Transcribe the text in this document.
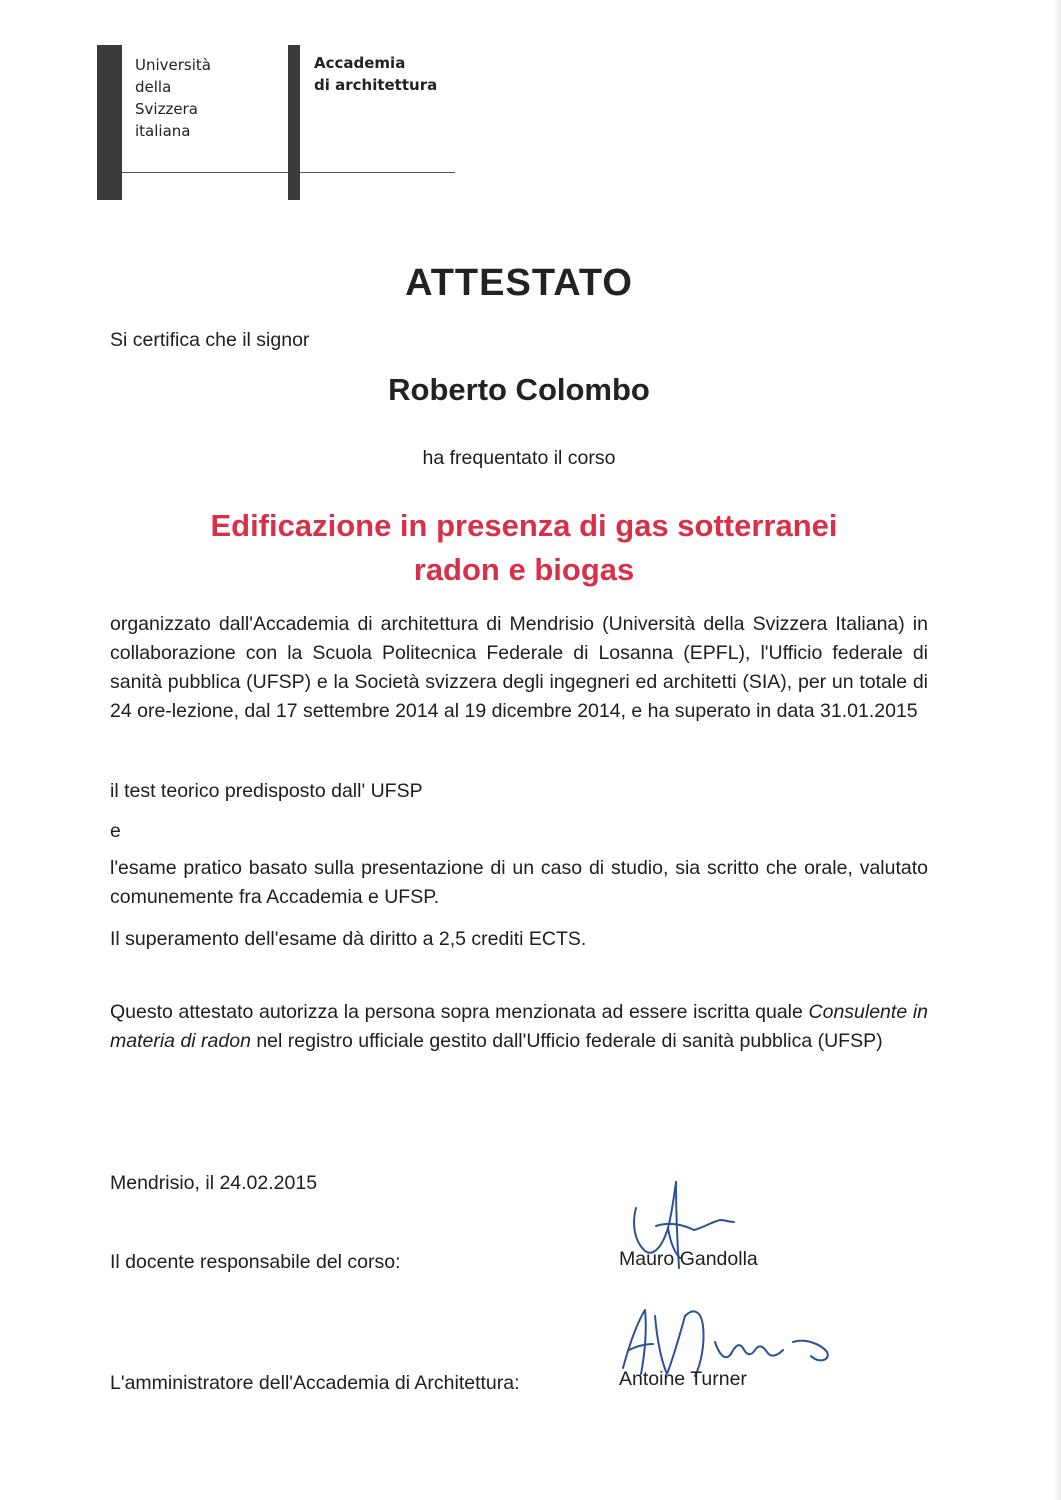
Università
della
Svizzera
italiana
Accademia
di architettura
ATTESTATO
Si certifica che il signor
Roberto Colombo
ha frequentato il corso
Edificazione in presenza di gas sotterranei
radon e biogas
organizzato dall'Accademia di architettura di Mendrisio (Università della Svizzera Italiana) in collaborazione con la Scuola Politecnica Federale di Losanna (EPFL), l'Ufficio federale di sanità pubblica (UFSP) e la Società svizzera degli ingegneri ed architetti (SIA), per un totale di 24 ore-lezione, dal 17 settembre 2014 al 19 dicembre 2014, e ha superato in data 31.01.2015
il test teorico predisposto dall' UFSP
e
l'esame pratico basato sulla presentazione di un caso di studio, sia scritto che orale, valutato comunemente fra Accademia e UFSP.
Il superamento dell'esame dà diritto a 2,5 crediti ECTS.
Questo attestato autorizza la persona sopra menzionata ad essere iscritta quale Consulente in materia di radon nel registro ufficiale gestito dall'Ufficio federale di sanità pubblica (UFSP)
Mendrisio, il 24.02.2015
Il docente responsabile del corso:	Mauro Gandolla
L'amministratore dell'Accademia di Architettura:	Antoine Turner
